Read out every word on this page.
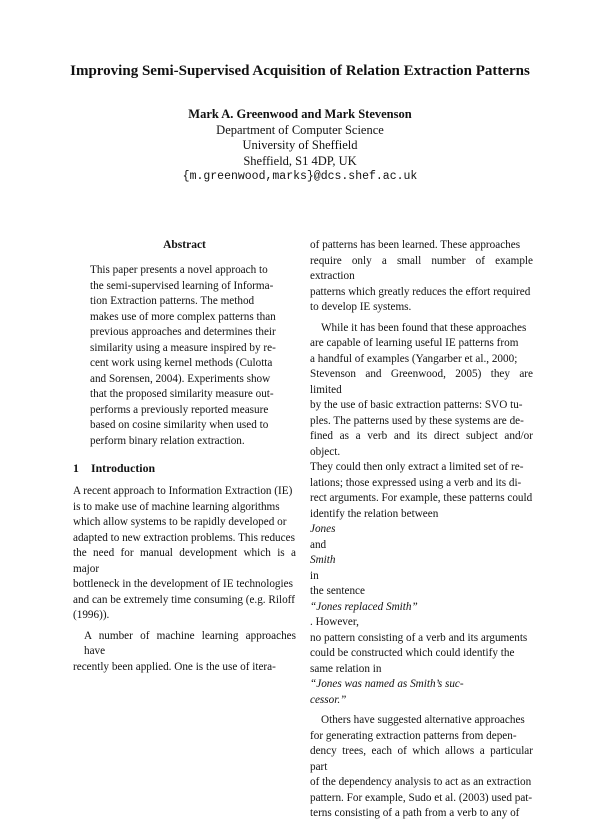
Improving Semi-Supervised Acquisition of Relation Extraction Patterns
Mark A. Greenwood and Mark Stevenson
Department of Computer Science
University of Sheffield
Sheffield, S1 4DP, UK
{m.greenwood,marks}@dcs.shef.ac.uk
Abstract
This paper presents a novel approach to
the semi-supervised learning of Informa-
tion Extraction patterns. The method
makes use of more complex patterns than
previous approaches and determines their
similarity using a measure inspired by re-
cent work using kernel methods (Culotta
and Sorensen, 2004). Experiments show
that the proposed similarity measure out-
performs a previously reported measure
based on cosine similarity when used to
perform binary relation extraction.
1 Introduction

A recent approach to Information Extraction (IE)
is to make use of machine learning algorithms
which allow systems to be rapidly developed or
adapted to new extraction problems. This reduces
the need for manual development which is a major
bottleneck in the development of IE technologies
and can be extremely time consuming (e.g. Riloff
(1996)).

A number of machine learning approaches have
recently been applied. One is the use of itera-

of patterns has been learned. These approaches
require only a small number of example extraction
patterns which greatly reduces the effort required
to develop IE systems.

While it has been found that these approaches
are capable of learning useful IE patterns from
a handful of examples (Yangarber et al., 2000;
Stevenson and Greenwood, 2005) they are limited
by the use of basic extraction patterns: SVO tu-
ples. The patterns used by these systems are de-
fined as a verb and its direct subject and/or object.
They could then only extract a limited set of re-
lations; those expressed using a verb and its di-
rect arguments. For example, these patterns could
identify the relation between
Jones
and
Smith
in
the sentence
“Jones replaced Smith”
. However,
no pattern consisting of a verb and its arguments
could be constructed which could identify the
same relation in
“Jones was named as Smith’s suc-
cessor.”

Others have suggested alternative approaches
for generating extraction patterns from depen-
dency trees, each of which allows a particular part
of the dependency analysis to act as an extraction
pattern. For example, Sudo et al. (2003) used pat-
terns consisting of a path from a verb to any of
